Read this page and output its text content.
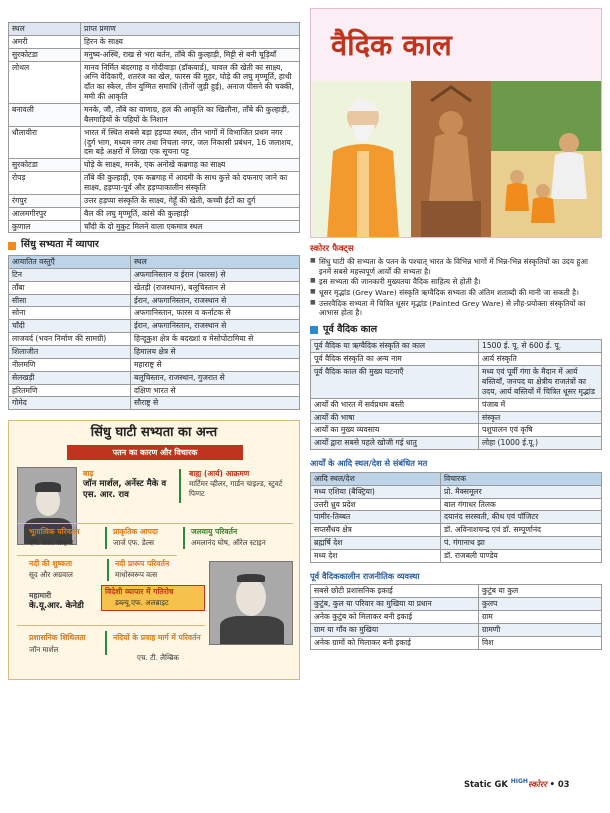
स्थल	प्राप्त प्रमाण
अमरी	हिरन के साक्ष्य
सुरकोटडा	मनुष्य-अस्थि, राख से भरा बर्तन, ताँबे की कुल्हाड़ी, मिट्टी से बनी चूड़ियाँ
लोथल	मानव निर्मित बंदरगाह व गोदीवाड़ा (डॉकयार्ड), चावल की खेती का साक्ष्य, अग्नि वेदिकाएँ, शतरंज का खेल, फारस की मुहर, घोड़े की लघु मृण्मूर्ति, हाथी दाँत का स्केल, तीन युग्मित समाधि (तीनों जुड़ी हुई), अनाज पीसने की चक्की, ममी की आकृति
बनावली	मनके, जौ, ताँबे का वाणाग्र, हल की आकृति का खिलौना, ताँबे की कुल्हाड़ी, बैलगाड़ियों के पहियों के निशान
धौलावीरा	भारत में स्थित सबसे बड़ा हड़प्पा स्थल, तीन भागों में विभाजित प्रथम नगर (दुर्ग भाग, मध्यम नगर तथा निचला नगर, जल निकासी प्रबंधन, 16 जलाशय, दस बड़े अक्षरों में लिखा एक सूचना पट्ट
सुरकोटडा	घोड़े के साक्ष्य, मनके, एक अनोखे कब्रगाह का साक्ष्य
रोपड़	ताँबे की कुल्हाड़ी, एक कब्रगाह में आदमी के साथ कुत्ते को दफनाए जाने का साक्ष्य, हड़प्पा-पूर्व और हड़प्पाकालीन संस्कृति
रंगपुर	उत्तर हड़प्पा संस्कृति के साक्ष्य, गेहूँ की खेती, कच्ची ईंटों का दुर्ग
आलमगीरपुर	बैल की लघु मृण्मूर्ति, कांसे की कुल्हाड़ी
कुणाल	चाँदी के दो मुकुट मिलने वाला एकमात्र स्थल
सिंधु सभ्यता में व्यापार
आयातित वस्तुएँ	स्थल
टिन	अफगानिस्तान व ईरान (फारस) से
ताँबा	खेतड़ी (राजस्थान), बलूचिस्तान से
सीसा	ईरान, अफगानिस्तान, राजस्थान से
सोना	अफगानिस्तान, फारस व कर्नाटक से
चाँदी	ईरान, अफगानिस्तान, राजस्थान से
लाजवर्द (भवन निर्माण की सामग्री)	हिन्दूकुश क्षेत्र के बदख्शां व मेसोपोटामिया से
शिलाजीत	हिमालय क्षेत्र से
नीलमणि	महाराष्ट्र से
सेलखड़ी	बलूचिस्तान, राजस्थान, गुजरात से
हरितमणि	दक्षिण भारत से
गोमेद	सौराष्ट्र से
सिंधु घाटी सभ्यता का अन्त
पतन का कारण और विचारक
बाढ़
जॉन मार्शल, अर्नेस्ट मैके व एस. आर. राव
बाह्य (आर्य) आक्रमण
मार्टिमर व्हीलर, गार्डन चाइल्ड, स्टुवर्ट पिग्गट
भूतात्विक परिवर्तन
एम. आर. साहनी
प्राकृतिक आपदा
जार्ज एफ. डेल्स
जलवायु परिवर्तन
अमलानंद घोष, ऑरेल स्टाइन
नदी की शुष्कता
सूद और अग्रवाल
नदी प्रारूप परिवर्तन
माधोस्वरूप वत्स
महामारी
के.यू.आर. केनेडी
विदेशी व्यापार में गतिरोध
डब्ल्यू.एफ. अलब्राइट
प्रशासनिक शिथिलता
जॉन मार्शल
नदियों के प्रवाह मार्ग में परिवर्तन
एच. टी. लैम्ब्रिक
वैदिक काल
स्कोरर फैक्ट्स
■ सिंधु घाटी की सभ्यता के पतन के पश्चात् भारत के विभिन्न भागों में भिन्न-भिन्न संस्कृतियों का उदय हुआ इनमें सबसे महत्त्वपूर्ण आर्यों की सभ्यता है।
■ इस सभ्यता की जानकारी मुख्यतया वैदिक साहित्य से होती है।
■ धूसर मृद्भांड (Grey Ware) संस्कृति ऋग्वैदिक सभ्यता की अंतिम शताब्दी की मानी जा सकती है।
■ उत्तरवैदिक सभ्यता में चित्रित धूसर मृद्भांड (Painted Grey Ware) से लौह-प्रयोक्ता संस्कृतियों का आभास होता है।
पूर्व वैदिक काल
पूर्व वैदिक या ऋग्वैदिक संस्कृति का काल	1500 ई. पू. से 600 ई. पू.
पूर्व वैदिक संस्कृति का अन्य नाम	आर्य संस्कृति
पूर्व वैदिक काल की मुख्य घटनाएँ	मध्य एवं पूर्वी गंगा के मैदान में आर्य बस्तियाँ, जनपद या क्षेत्रीय राजतंत्रों का उदय, आर्य बस्तियों में चित्रित धूसर मृद्भांड
आर्यों की भारत में सर्वप्रथम बस्ती	पंजाब में
आर्यों की भाषा	संस्कृत
आर्यों का मुख्य व्यवसाय	पशुपालन एवं कृषि
आर्यों द्वारा सबसे पहले खोजी गई धातु	लोहा (1000 ई.पू.)
आर्यों के आदि स्थल/देश से संबंधित मत
आदि स्थल/देश	विचारक
मध्य एशिया (बैक्ट्रिया)	प्रो. मैक्समूलर
उत्तरी ध्रुव प्रदेश	बाल गंगाधर तिलक
पामीर-तिब्बत	दयानंद सरस्वती, कीथ एवं पॉजिटर
सप्तसैंधव क्षेत्र	डॉ. अविनाशचन्द्र एवं डॉ. सम्पूर्णानंद
ब्रह्मर्षि देश	पं. गंगानाथ झा
मध्य देश	डॉ. राजबली पाण्डेय
पूर्व वैदिककालीन राजनीतिक व्यवस्था
सबसे छोटी प्रशासनिक इकाई	कुटुंब या कुल
कुटुंब, कुल या परिवार का मुखिया या प्रधान	कुलप
अनेक कुटुंब को मिलाकर बनी इकाई	ग्राम
ग्राम या गाँव का मुखिया	ग्रामणी
अनेक ग्रामों को मिलाकर बनी इकाई	विश
Static GK $^{HIGH}$स्कोरर • 03
